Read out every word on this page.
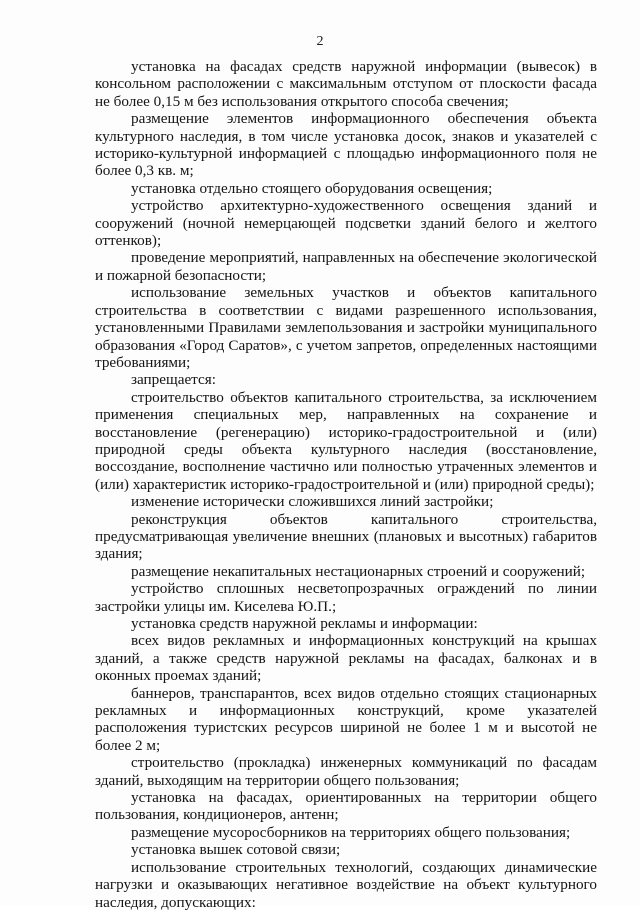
2

установка на фасадах средств наружной информации (вывесок) в консольном расположении с максимальным отступом от плоскости фасада не более 0,15 м без использования открытого способа свечения;

размещение элементов информационного обеспечения объекта культурного наследия, в том числе установка досок, знаков и указателей с историко-культурной информацией с площадью информационного поля не более 0,3 кв. м;

установка отдельно стоящего оборудования освещения;

устройство архитектурно-художественного освещения зданий и сооружений (ночной немерцающей подсветки зданий белого и желтого оттенков);

проведение мероприятий, направленных на обеспечение экологической и пожарной безопасности;

использование земельных участков и объектов капитального строительства в соответствии с видами разрешенного использования, установленными Правилами землепользования и застройки муниципального образования «Город Саратов», с учетом запретов, определенных настоящими требованиями;

запрещается:

строительство объектов капитального строительства, за исключением применения специальных мер, направленных на сохранение и восстановление (регенерацию) историко-градостроительной и (или) природной среды объекта культурного наследия (восстановление, воссоздание, восполнение частично или полностью утраченных элементов и (или) характеристик историко-градостроительной и (или) природной среды);

изменение исторически сложившихся линий застройки;

реконструкция объектов капитального строительства, предусматривающая увеличение внешних (плановых и высотных) габаритов здания;

размещение некапитальных нестационарных строений и сооружений;

устройство сплошных несветопрозрачных ограждений по линии застройки улицы им. Киселева Ю.П.;

установка средств наружной рекламы и информации:

всех видов рекламных и информационных конструкций на крышах зданий, а также средств наружной рекламы на фасадах, балконах и в оконных проемах зданий;

баннеров, транспарантов, всех видов отдельно стоящих стационарных рекламных и информационных конструкций, кроме указателей расположения туристских ресурсов шириной не более 1 м и высотой не более 2 м;

строительство (прокладка) инженерных коммуникаций по фасадам зданий, выходящим на территории общего пользования;

установка на фасадах, ориентированных на территории общего пользования, кондиционеров, антенн;

размещение мусоросборников на территориях общего пользования;

установка вышек сотовой связи;

использование строительных технологий, создающих динамические нагрузки и оказывающих негативное воздействие на объект культурного наследия, допускающих:
